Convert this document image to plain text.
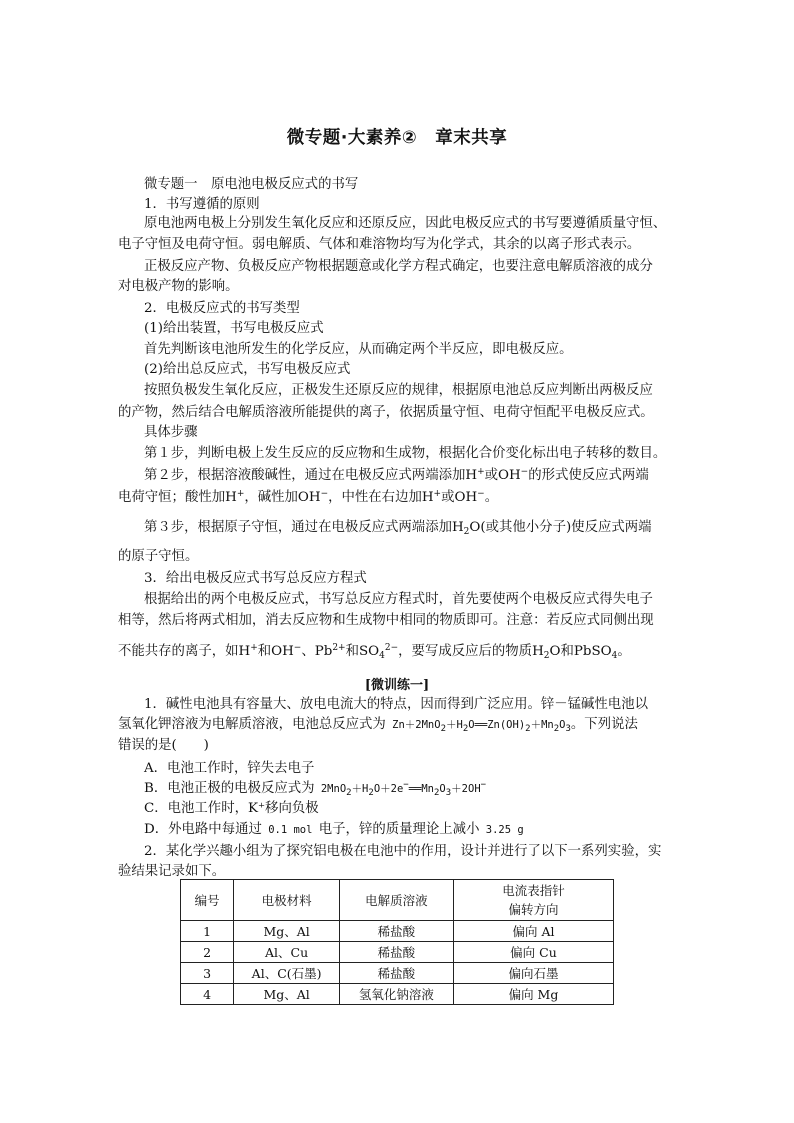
微专题·大素养②　章末共享
微专题一　原电池电极反应式的书写
1．书写遵循的原则
原电池两电极上分别发生氧化反应和还原反应，因此电极反应式的书写要遵循质量守恒、
电子守恒及电荷守恒。弱电解质、气体和难溶物均写为化学式，其余的以离子形式表示。
正极反应产物、负极反应产物根据题意或化学方程式确定，也要注意电解质溶液的成分
对电极产物的影响。
2．电极反应式的书写类型
(1)给出装置，书写电极反应式
首先判断该电池所发生的化学反应，从而确定两个半反应，即电极反应。
(2)给出总反应式，书写电极反应式
按照负极发生氧化反应，正极发生还原反应的规律，根据原电池总反应判断出两极反应
的产物，然后结合电解质溶液所能提供的离子，依据质量守恒、电荷守恒配平电极反应式。
具体步骤
第１步，判断电极上发生反应的反应物和生成物，根据化合价变化标出电子转移的数目。
第２步，根据溶液酸碱性，通过在电极反应式两端添加H+或OH−的形式使反应式两端
电荷守恒；酸性加H+，碱性加OH−，中性在右边加H+或OH−。
第３步，根据原子守恒，通过在电极反应式两端添加$H_2O$(或其他小分子)使反应式两端
的原子守恒。
3．给出电极反应式书写总反应方程式
根据给出的两个电极反应式，书写总反应方程式时，首先要使两个电极反应式得失电子
相等，然后将两式相加，消去反应物和生成物中相同的物质即可。注意：若反应式同侧出现
不能共存的离子，如H+和OH−、$Pb^{2+}$和$SO_4^{2-}$，要写成反应后的物质$H_2O$和PbSO$_4$。
[微训练一]
1．碱性电池具有容量大、放电电流大的特点，因而得到广泛应用。锌－锰碱性电池以
氢氧化钾溶液为电解质溶液，电池总反应式为 $Zn+2MnO_2+H_2O══Zn(OH)_2+Mn_2O_3$。下列说法
错误的是(　　)
A．电池工作时，锌失去电子
B．电池正极的电极反应式为 $2MnO_2+H_2O+2e^-══Mn_2O_3+2OH^-$
C．电池工作时，K⁺移向负极
D．外电路中每通过 0.1 mol 电子，锌的质量理论上减小 3.25 g
2．某化学兴趣小组为了探究铝电极在电池中的作用，设计并进行了以下一系列实验，实
验结果记录如下。
编号	电极材料	电解质溶液	电流表指针
偏转方向
1	Mg、Al	稀盐酸	偏向 Al
2	Al、Cu	稀盐酸	偏向 Cu
3	Al、C(石墨)	稀盐酸	偏向石墨
4	Mg、Al	氢氧化钠溶液	偏向 Mg
